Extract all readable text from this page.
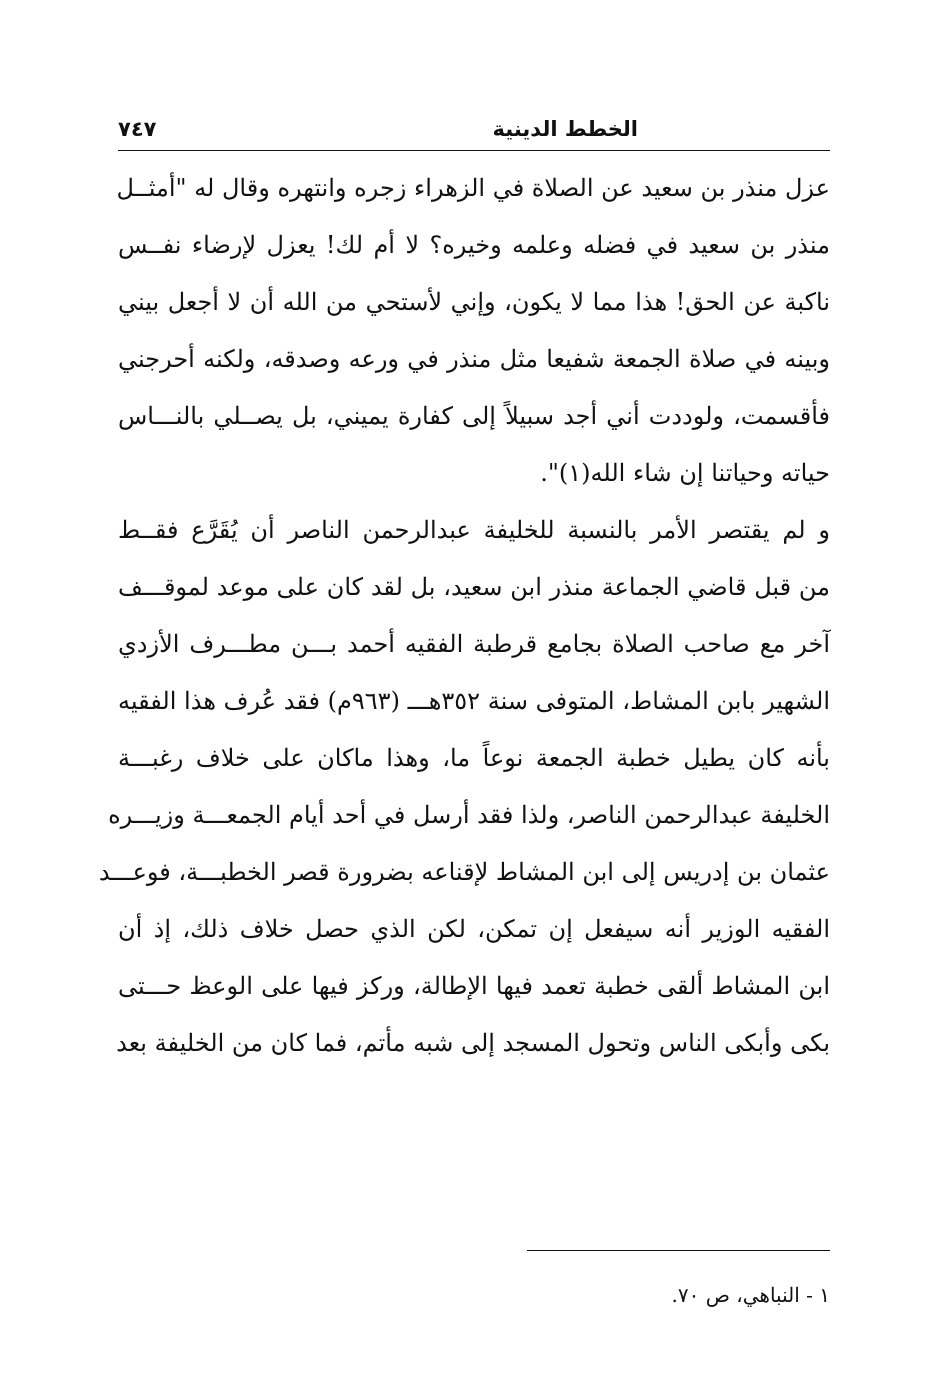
الخطط الدينية
٧٤٧
عزل منذر بن سعيد عن الصلاة في الزهراء زجره وانتهره وقال له "أمثــل
منذر بن سعيد في فضله وعلمه وخيره؟ لا أم لك! يعزل لإرضاء نفــس
ناكبة عن الحق! هذا مما لا يكون، وإني لأستحي من الله أن لا أجعل بيني
وبينه في صلاة الجمعة شفيعا مثل منذر في ورعه وصدقه، ولكنه أحرجني
فأقسمت، ولوددت أني أجد سبيلاً إلى كفارة يميني، بل يصــلي بالنـــاس
حياته وحياتنا إن شاء الله(١)".
و لم يقتصر الأمر بالنسبة للخليفة عبدالرحمن الناصر أن يُقَرَّع فقــط
من قبل قاضي الجماعة منذر ابن سعيد، بل لقد كان على موعد لموقـــف
آخر مع صاحب الصلاة بجامع قرطبة الفقيه أحمد بـــن مطـــرف الأزدي
الشهير بابن المشاط، المتوفى سنة ٣٥٢هـــ (٩٦٣م) فقد عُرف هذا الفقيه
بأنه كان يطيل خطبة الجمعة نوعاً ما، وهذا ماكان على خلاف رغبـــة
الخليفة عبدالرحمن الناصر، ولذا فقد أرسل في أحد أيام الجمعـــة وزيـــره
عثمان بن إدريس إلى ابن المشاط لإقناعه بضرورة قصر الخطبـــة، فوعـــد
الفقيه الوزير أنه سيفعل إن تمكن، لكن الذي حصل خلاف ذلك، إذ أن
ابن المشاط ألقى خطبة تعمد فيها الإطالة، وركز فيها على الوعظ حـــتى
بكى وأبكى الناس وتحول المسجد إلى شبه مأتم، فما كان من الخليفة بعد
١ - النباهي، ص ٧٠.
